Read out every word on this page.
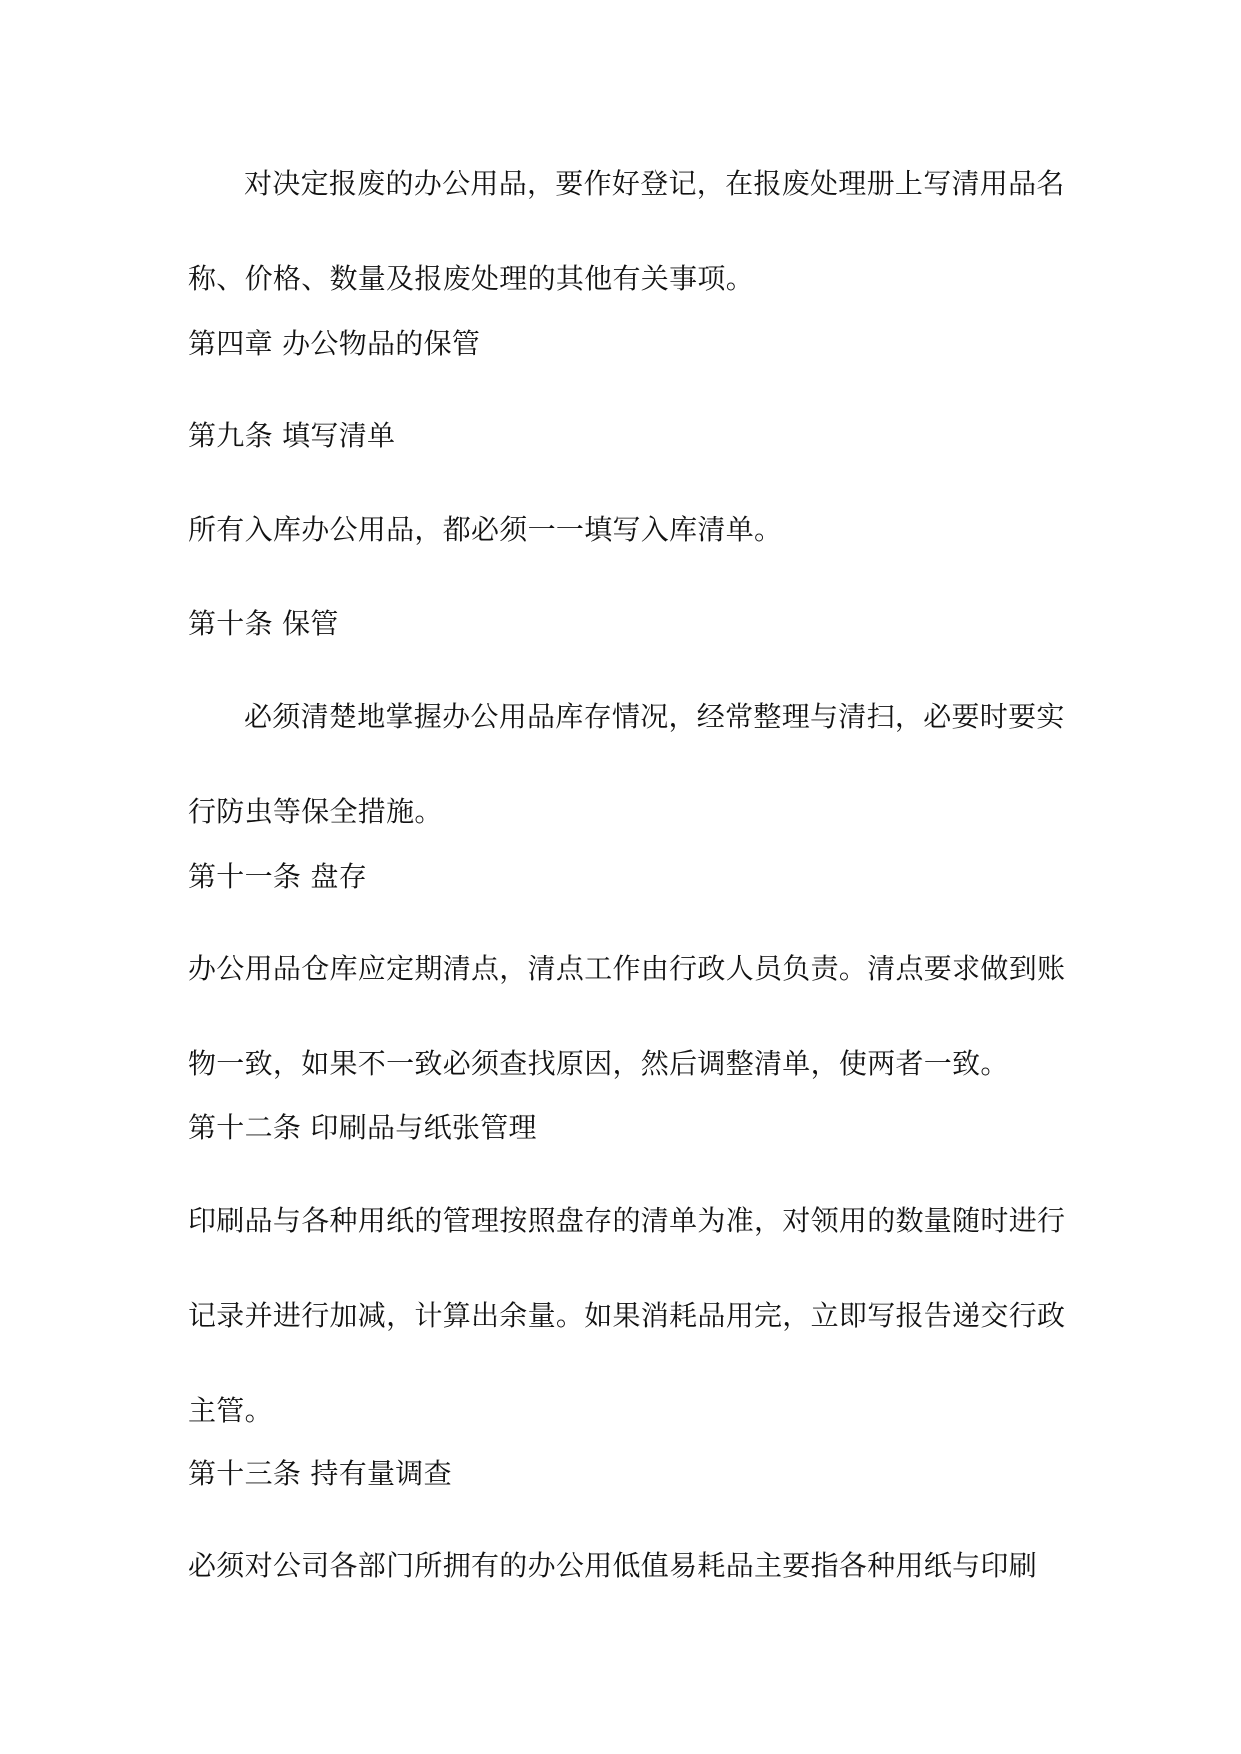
对决定报废的办公用品，要作好登记，在报废处理册上写清用品名
称、价格、数量及报废处理的其他有关事项。
第四章 办公物品的保管
第九条 填写清单
所有入库办公用品，都必须一一填写入库清单。
第十条 保管
必须清楚地掌握办公用品库存情况，经常整理与清扫，必要时要实
行防虫等保全措施。
第十一条 盘存
办公用品仓库应定期清点，清点工作由行政人员负责。清点要求做到账
物一致，如果不一致必须查找原因，然后调整清单，使两者一致。
第十二条 印刷品与纸张管理
印刷品与各种用纸的管理按照盘存的清单为准，对领用的数量随时进行
记录并进行加减，计算出余量。如果消耗品用完，立即写报告递交行政
主管。
第十三条 持有量调查
必须对公司各部门所拥有的办公用低值易耗品主要指各种用纸与印刷
